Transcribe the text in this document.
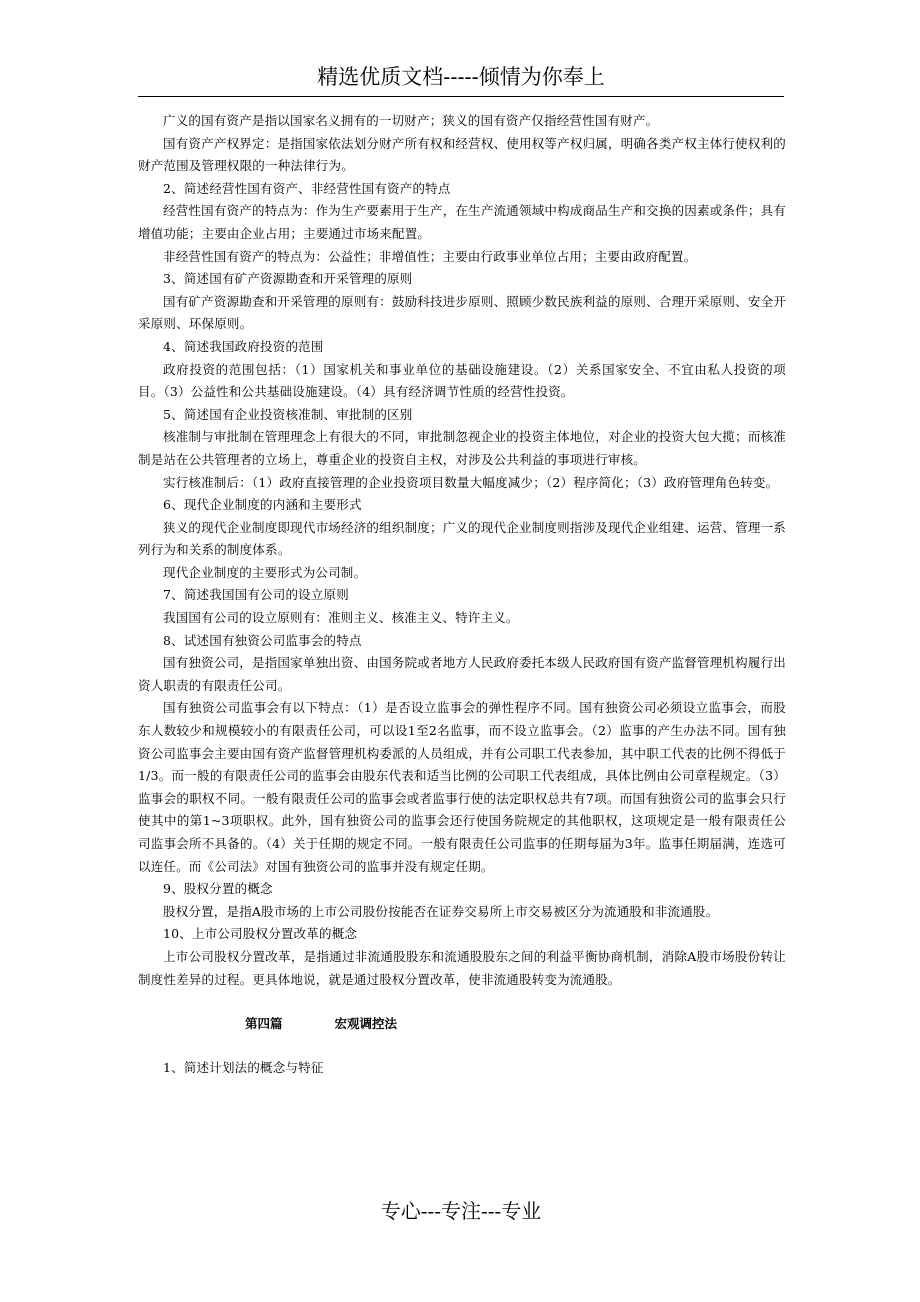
精选优质文档-----倾情为你奉上

广义的国有资产是指以国家名义拥有的一切财产；狭义的国有资产仅指经营性国有财产。

国有资产产权界定：是指国家依法划分财产所有权和经营权、使用权等产权归属，明确各类产权主体行使权利的财产范围及管理权限的一种法律行为。

2、简述经营性国有资产、非经营性国有资产的特点

经营性国有资产的特点为：作为生产要素用于生产，在生产流通领域中构成商品生产和交换的因素或条件；具有增值功能；主要由企业占用；主要通过市场来配置。

非经营性国有资产的特点为：公益性；非增值性；主要由行政事业单位占用；主要由政府配置。

3、简述国有矿产资源勘查和开采管理的原则

国有矿产资源勘查和开采管理的原则有：鼓励科技进步原则、照顾少数民族利益的原则、合理开采原则、安全开采原则、环保原则。

4、简述我国政府投资的范围

政府投资的范围包括：（1）国家机关和事业单位的基础设施建设。（2）关系国家安全、不宜由私人投资的项目。（3）公益性和公共基础设施建设。（4）具有经济调节性质的经营性投资。

5、简述国有企业投资核准制、审批制的区别

核准制与审批制在管理理念上有很大的不同，审批制忽视企业的投资主体地位，对企业的投资大包大揽；而核准制是站在公共管理者的立场上，尊重企业的投资自主权，对涉及公共利益的事项进行审核。

实行核准制后：（1）政府直接管理的企业投资项目数量大幅度减少；（2）程序简化；（3）政府管理角色转变。

6、现代企业制度的内涵和主要形式

狭义的现代企业制度即现代市场经济的组织制度；广义的现代企业制度则指涉及现代企业组建、运营、管理一系列行为和关系的制度体系。

现代企业制度的主要形式为公司制。

7、简述我国国有公司的设立原则

我国国有公司的设立原则有：准则主义、核准主义、特许主义。

8、试述国有独资公司监事会的特点

国有独资公司，是指国家单独出资、由国务院或者地方人民政府委托本级人民政府国有资产监督管理机构履行出资人职责的有限责任公司。

国有独资公司监事会有以下特点：（1）是否设立监事会的弹性程序不同。国有独资公司必须设立监事会，而股东人数较少和规模较小的有限责任公司，可以设1至2名监事，而不设立监事会。（2）监事的产生办法不同。国有独资公司监事会主要由国有资产监督管理机构委派的人员组成，并有公司职工代表参加，其中职工代表的比例不得低于1/3。而一般的有限责任公司的监事会由股东代表和适当比例的公司职工代表组成，具体比例由公司章程规定。（3）监事会的职权不同。一般有限责任公司的监事会或者监事行使的法定职权总共有7项。而国有独资公司的监事会只行使其中的第1~3项职权。此外，国有独资公司的监事会还行使国务院规定的其他职权，这项规定是一般有限责任公司监事会所不具备的。（4）关于任期的规定不同。一般有限责任公司监事的任期每届为3年。监事任期届满，连选可以连任。而《公司法》对国有独资公司的监事并没有规定任期。

9、股权分置的概念

股权分置，是指A股市场的上市公司股份按能否在证券交易所上市交易被区分为流通股和非流通股。

10、上市公司股权分置改革的概念

上市公司股权分置改革，是指通过非流通股股东和流通股股东之间的利益平衡协商机制，消除A股市场股份转让制度性差异的过程。更具体地说，就是通过股权分置改革，使非流通股转变为流通股。

第四篇	宏观调控法

1、简述计划法的概念与特征

专心---专注---专业
